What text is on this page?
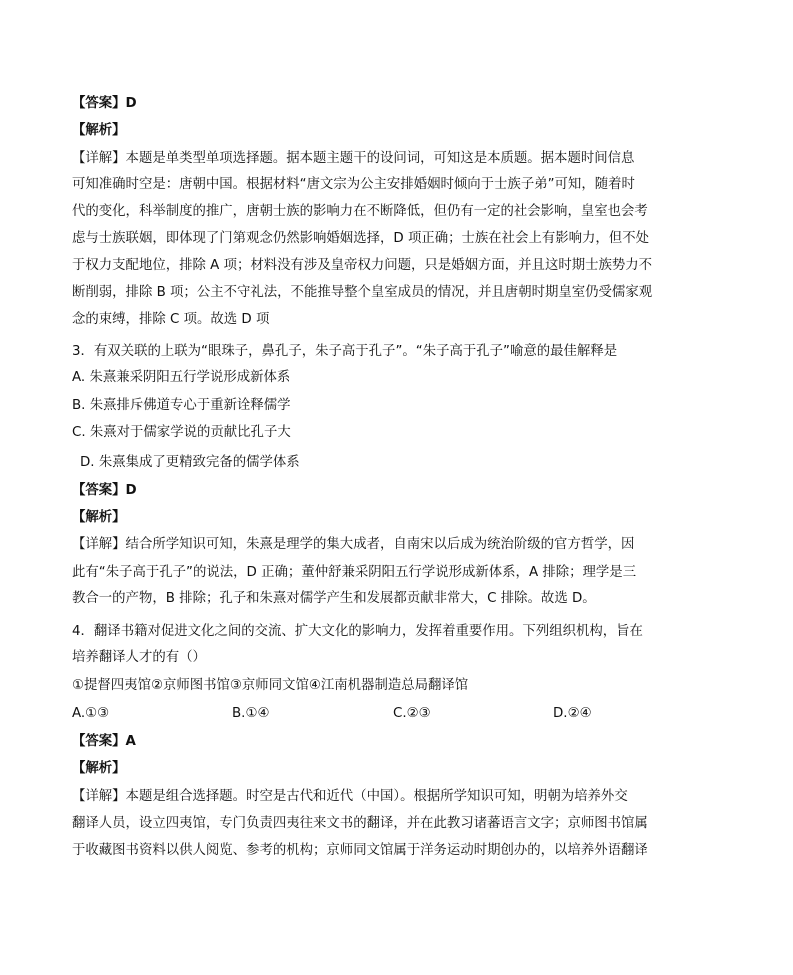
【答案】D
【解析】
【详解】本题是单类型单项选择题。据本题主题干的设问词，可知这是本质题。据本题时间信息
可知准确时空是：唐朝中国。根据材料“唐文宗为公主安排婚姻时倾向于士族子弟”可知，随着时
代的变化，科举制度的推广，唐朝士族的影响力在不断降低，但仍有一定的社会影响，皇室也会考
虑与士族联姻，即体现了门第观念仍然影响婚姻选择，D 项正确；士族在社会上有影响力，但不处
于权力支配地位，排除 A 项；材料没有涉及皇帝权力问题，只是婚姻方面，并且这时期士族势力不
断削弱，排除 B 项；公主不守礼法，不能推导整个皇室成员的情况，并且唐朝时期皇室仍受儒家观
念的束缚，排除 C 项。故选 D 项
3．有双关联的上联为“眼珠子，鼻孔子，朱子高于孔子”。“朱子高于孔子”喻意的最佳解释是
A. 朱熹兼采阴阳五行学说形成新体系
B. 朱熹排斥佛道专心于重新诠释儒学
C. 朱熹对于儒家学说的贡献比孔子大
D. 朱熹集成了更精致完备的儒学体系
【答案】D
【解析】
【详解】结合所学知识可知，朱熹是理学的集大成者，自南宋以后成为统治阶级的官方哲学，因
此有“朱子高于孔子”的说法，D 正确；董仲舒兼采阴阳五行学说形成新体系，A 排除；理学是三
教合一的产物，B 排除；孔子和朱熹对儒学产生和发展都贡献非常大，C 排除。故选 D。
4．翻译书籍对促进文化之间的交流、扩大文化的影响力，发挥着重要作用。下列组织机构，旨在
培养翻译人才的有（）
①提督四夷馆②京师图书馆③京师同文馆④江南机器制造总局翻译馆
A.①③	B.①④	C.②③	D.②④
【答案】A
【解析】
【详解】本题是组合选择题。时空是古代和近代（中国）。根据所学知识可知，明朝为培养外交
翻译人员，设立四夷馆，专门负责四夷往来文书的翻译，并在此教习诸蕃语言文字；京师图书馆属
于收藏图书资料以供人阅览、参考的机构；京师同文馆属于洋务运动时期创办的，以培养外语翻译
